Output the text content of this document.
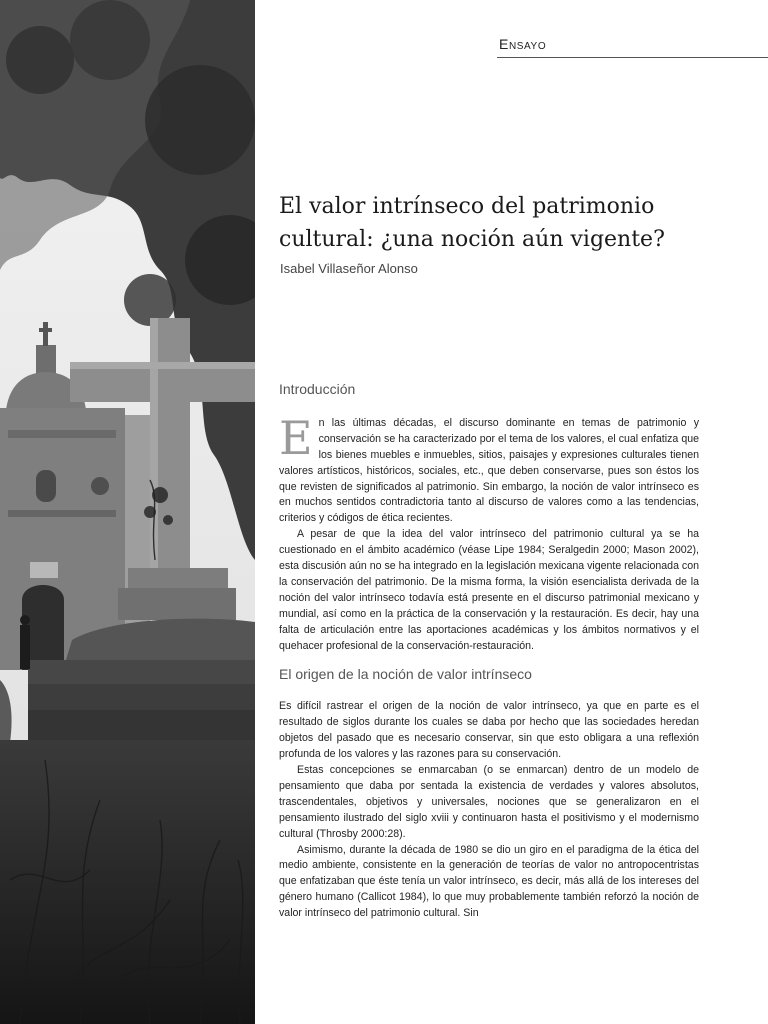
Ensayo
El valor intrínseco del patrimonio cultural: ¿una noción aún vigente?
Isabel Villaseñor Alonso
Introducción

En las últimas décadas, el discurso dominante en temas de patrimonio y conservación se ha caracterizado por el tema de los valores, el cual enfatiza que los bienes muebles e inmuebles, sitios, paisajes y expresiones culturales tienen valores artísticos, históricos, sociales, etc., que deben conservarse, pues son éstos los que revisten de significados al patrimonio. Sin embargo, la noción de valor intrínseco es en muchos sentidos contradictoria tanto al discurso de valores como a las tendencias, criterios y códigos de ética recientes.

A pesar de que la idea del valor intrínseco del patrimonio cultural ya se ha cuestionado en el ámbito académico (véase Lipe 1984; Seralgedin 2000; Mason 2002), esta discusión aún no se ha integrado en la legislación mexicana vigente relacionada con la conservación del patrimonio. De la misma forma, la visión esencialista derivada de la noción del valor intrínseco todavía está presente en el discurso patrimonial mexicano y mundial, así como en la práctica de la conservación y la restauración. Es decir, hay una falta de articulación entre las aportaciones académicas y los ámbitos normativos y el quehacer profesional de la conservación-restauración.

El origen de la noción de valor intrínseco

Es difícil rastrear el origen de la noción de valor intrínseco, ya que en parte es el resultado de siglos durante los cuales se daba por hecho que las sociedades heredan objetos del pasado que es necesario conservar, sin que esto obligara a una reflexión profunda de los valores y las razones para su conservación.

Estas concepciones se enmarcaban (o se enmarcan) dentro de un modelo de pensamiento que daba por sentada la existencia de verdades y valores absolutos, trascendentales, objetivos y universales, nociones que se generalizaron en el pensamiento ilustrado del siglo xviii y continuaron hasta el positivismo y el modernismo cultural (Throsby 2000:28).

Asimismo, durante la década de 1980 se dio un giro en el paradigma de la ética del medio ambiente, consistente en la generación de teorías de valor no antropocentristas que enfatizaban que éste tenía un valor intrínseco, es decir, más allá de los intereses del género humano (Callicot 1984), lo que muy probablemente también reforzó la noción de valor intrínseco del patrimonio cultural. Sin
